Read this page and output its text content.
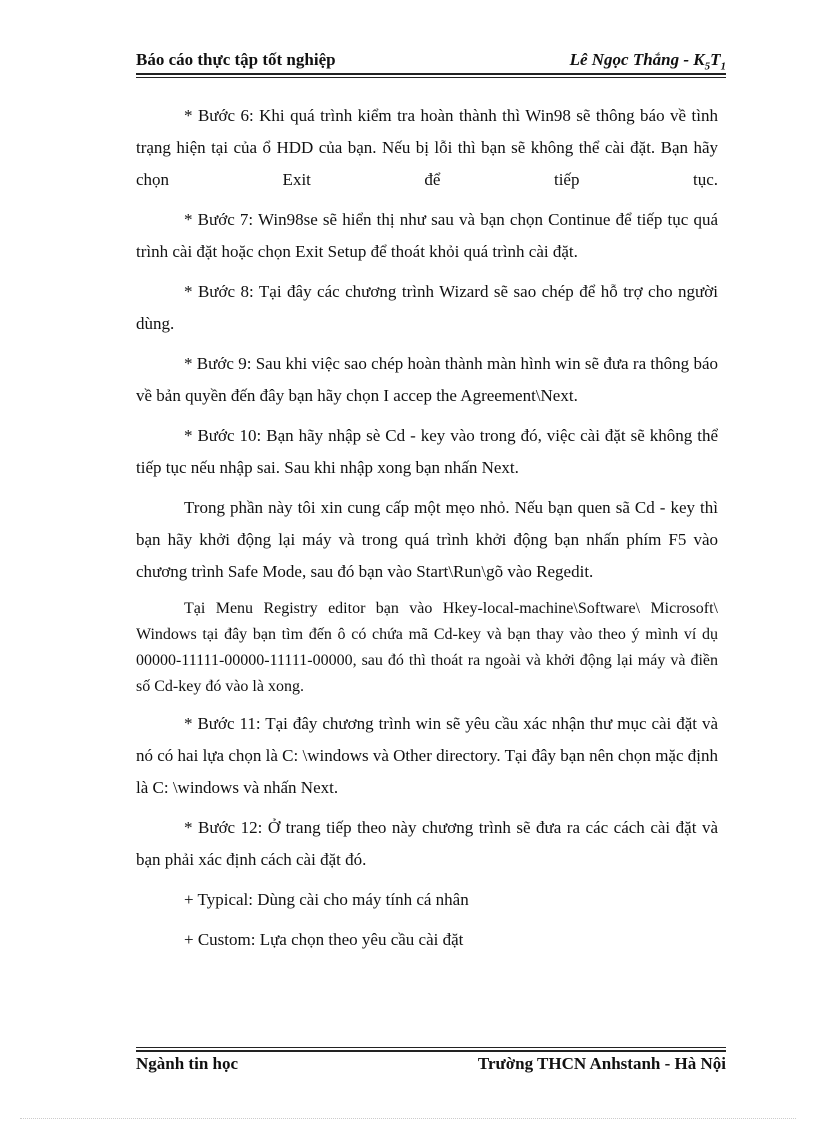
Báo cáo thực tập tốt nghiệp	Lê Ngọc Thắng - $K_5T_1$

* Bước 6: Khi quá trình kiểm tra hoàn thành thì Win98 sẽ thông báo về tình trạng hiện tại của ổ HDD của bạn. Nếu bị lỗi thì bạn sẽ không thể cài đặt. Bạn hãy chọn Exit để tiếp tục.

* Bước 7: Win98se sẽ hiển thị như sau và bạn chọn Continue để tiếp tục quá trình cài đặt hoặc chọn Exit Setup để thoát khỏi quá trình cài đặt.

* Bước 8: Tại đây các chương trình Wizard sẽ sao chép để hỗ trợ cho người dùng.

* Bước 9: Sau khi việc sao chép hoàn thành màn hình win sẽ đưa ra thông báo về bản quyền đến đây bạn hãy chọn I accep the Agreement\Next.

* Bước 10: Bạn hãy nhập sè Cd - key vào trong đó, việc cài đặt sẽ không thể tiếp tục nếu nhập sai. Sau khi nhập xong bạn nhấn Next.

Trong phần này tôi xin cung cấp một mẹo nhỏ. Nếu bạn quen sã Cd - key thì bạn hãy khởi động lại máy và trong quá trình khởi động bạn nhấn phím F5 vào chương trình Safe Mode, sau đó bạn vào Start\Run\gõ vào Regedit.

Tại Menu Registry editor bạn vào Hkey-local-machine\Software\ Microsoft\ Windows tại đây bạn tìm đến ô có chứa mã Cd-key và bạn thay vào theo ý mình ví dụ 00000-11111-00000-11111-00000, sau đó thì thoát ra ngoài và khởi động lại máy và điền số Cd-key đó vào là xong.

* Bước 11: Tại đây chương trình win sẽ yêu cầu xác nhận thư mục cài đặt và nó có hai lựa chọn là C: \windows và Other directory. Tại đây bạn nên chọn mặc định là C: \windows và nhấn Next.

* Bước 12: Ở trang tiếp theo này chương trình sẽ đưa ra các cách cài đặt và bạn phải xác định cách cài đặt đó.

+ Typical: Dùng cài cho máy tính cá nhân

+ Custom: Lựa chọn theo yêu cầu cài đặt

Ngành tin học	Trường THCN Anhstanh - Hà Nội
